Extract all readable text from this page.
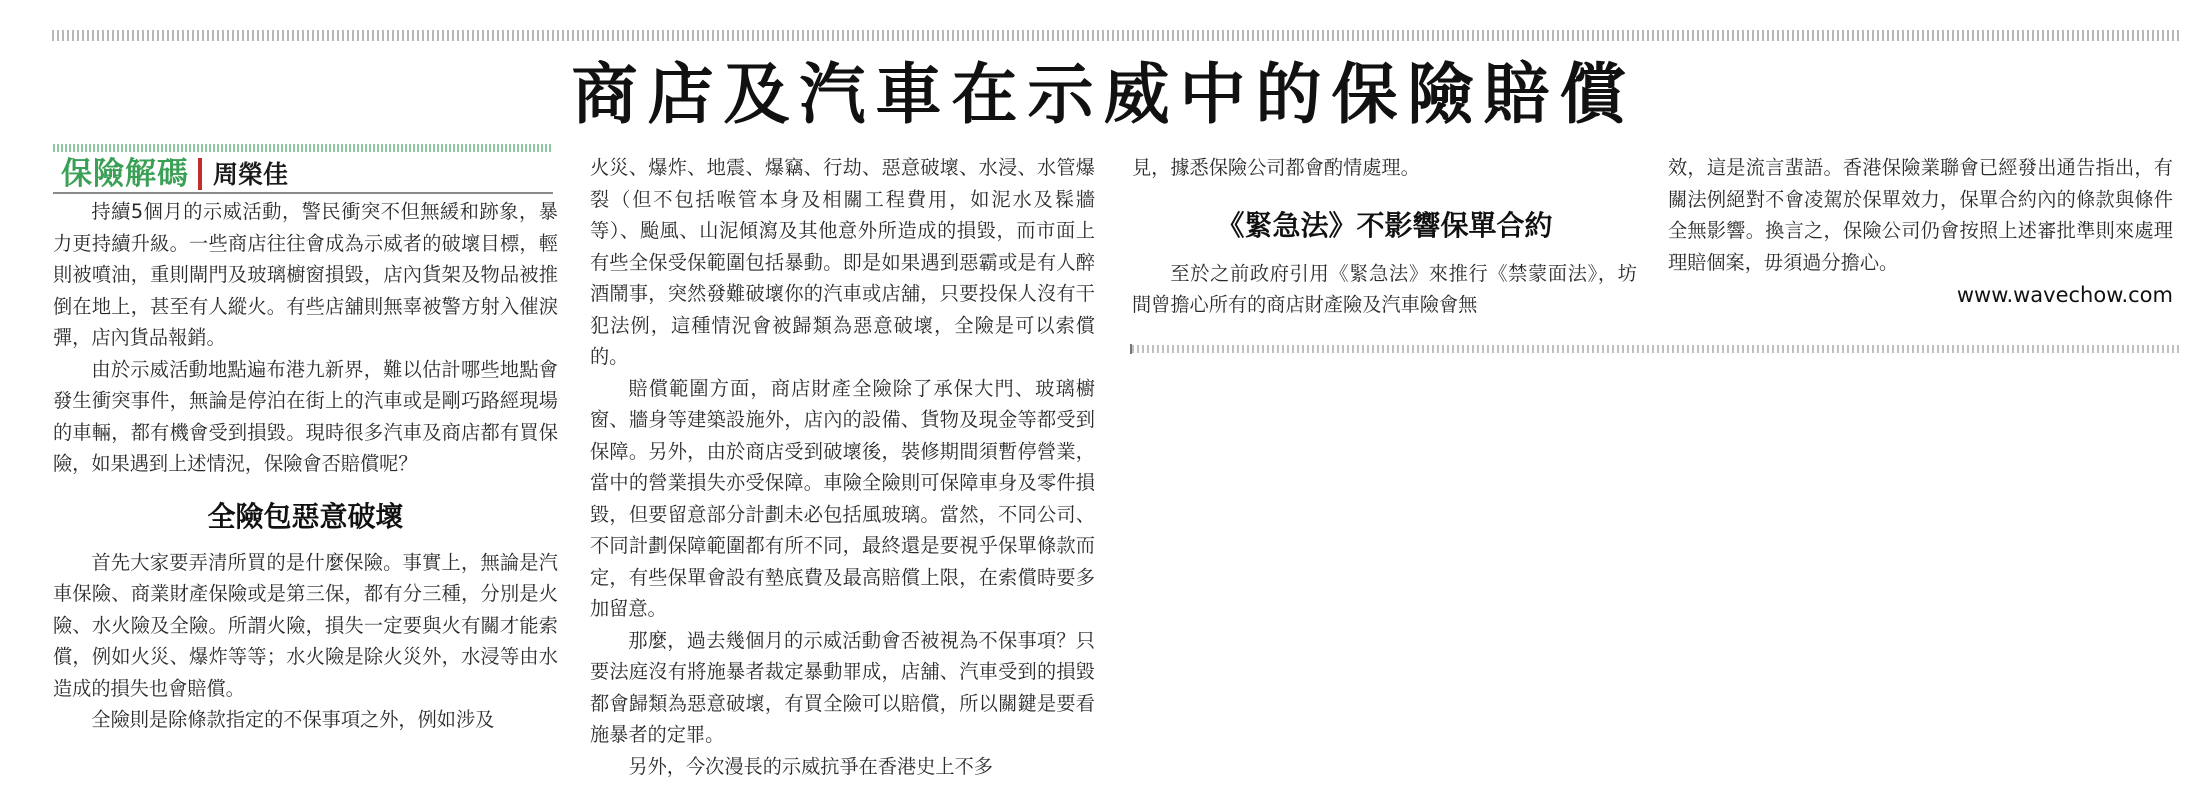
商店及汽車在示威中的保險賠償
保險解碼 周榮佳

持續5個月的示威活動，警民衝突不但無緩和跡象，暴力更持續升級。一些商店往往會成為示威者的破壞目標，輕則被噴油，重則閘門及玻璃櫥窗損毀，店內貨架及物品被推倒在地上，甚至有人縱火。有些店舖則無辜被警方射入催淚彈，店內貨品報銷。

由於示威活動地點遍布港九新界，難以估計哪些地點會發生衝突事件，無論是停泊在街上的汽車或是剛巧路經現場的車輛，都有機會受到損毀。現時很多汽車及商店都有買保險，如果遇到上述情況，保險會否賠償呢？

全險包惡意破壞

首先大家要弄清所買的是什麼保險。事實上，無論是汽車保險、商業財產保險或是第三保，都有分三種，分別是火險、水火險及全險。所謂火險，損失一定要與火有關才能索償，例如火災、爆炸等等；水火險是除火災外，水浸等由水造成的損失也會賠償。

全險則是除條款指定的不保事項之外，例如涉及

火災、爆炸、地震、爆竊、行劫、惡意破壞、水浸、水管爆裂（但不包括喉管本身及相關工程費用，如泥水及髹牆等）、颱風、山泥傾瀉及其他意外所造成的損毀，而市面上有些全保受保範圍包括暴動。即是如果遇到惡霸或是有人醉酒鬧事，突然發難破壞你的汽車或店舖，只要投保人沒有干犯法例，這種情況會被歸類為惡意破壞，全險是可以索償的。

賠償範圍方面，商店財產全險除了承保大門、玻璃櫥窗、牆身等建築設施外，店內的設備、貨物及現金等都受到保障。另外，由於商店受到破壞後，裝修期間須暫停營業，當中的營業損失亦受保障。車險全險則可保障車身及零件損毀，但要留意部分計劃未必包括風玻璃。當然，不同公司、不同計劃保障範圍都有所不同，最終還是要視乎保單條款而定，有些保單會設有墊底費及最高賠償上限，在索償時要多加留意。

那麼，過去幾個月的示威活動會否被視為不保事項？只要法庭沒有將施暴者裁定暴動罪成，店舖、汽車受到的損毀都會歸類為惡意破壞，有買全險可以賠償，所以關鍵是要看施暴者的定罪。

另外，今次漫長的示威抗爭在香港史上不多

見，據悉保險公司都會酌情處理。

《緊急法》不影響保單合約

至於之前政府引用《緊急法》來推行《禁蒙面法》，坊間曾擔心所有的商店財產險及汽車險會無

效，這是流言蜚語。香港保險業聯會已經發出通告指出，有關法例絕對不會凌駕於保單效力，保單合約內的條款與條件全無影響。換言之，保險公司仍會按照上述審批準則來處理理賠個案，毋須過分擔心。

www.wavechow.com
